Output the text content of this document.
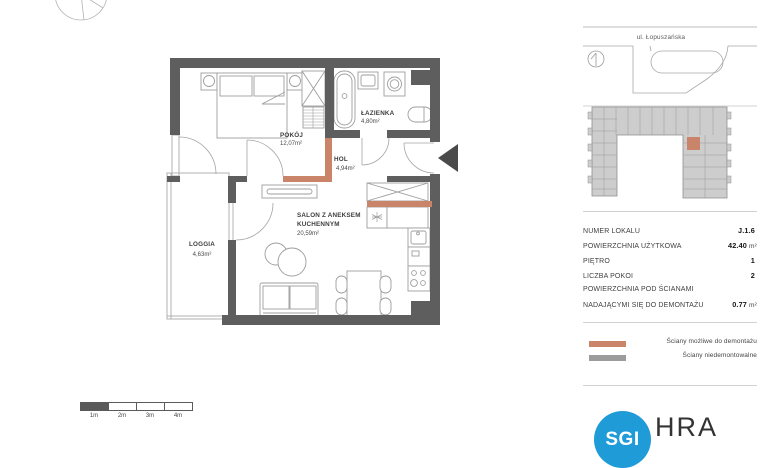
POKÓJ
12,07m²
ŁAZIENKA
4,80m²
HOL
4,94m²
SALON Z ANEKSEM
KUCHENNYM
20,59m²
LOGGIA
4,63m²
ul. Łopuszańska
NUMER LOKALU	J.1.6
POWIERZCHNIA UŻYTKOWA	42.40 m²
PIĘTRO	1
LICZBA POKOI	2
POWIERZCHNIA POD ŚCIANAMI
NADAJĄCYMI SIĘ DO DEMONTAŻU	0.77 m²
Ściany możliwe do demontażu
Ściany niedemontowalne
SGI HRA
1m	2m	3m	4m
